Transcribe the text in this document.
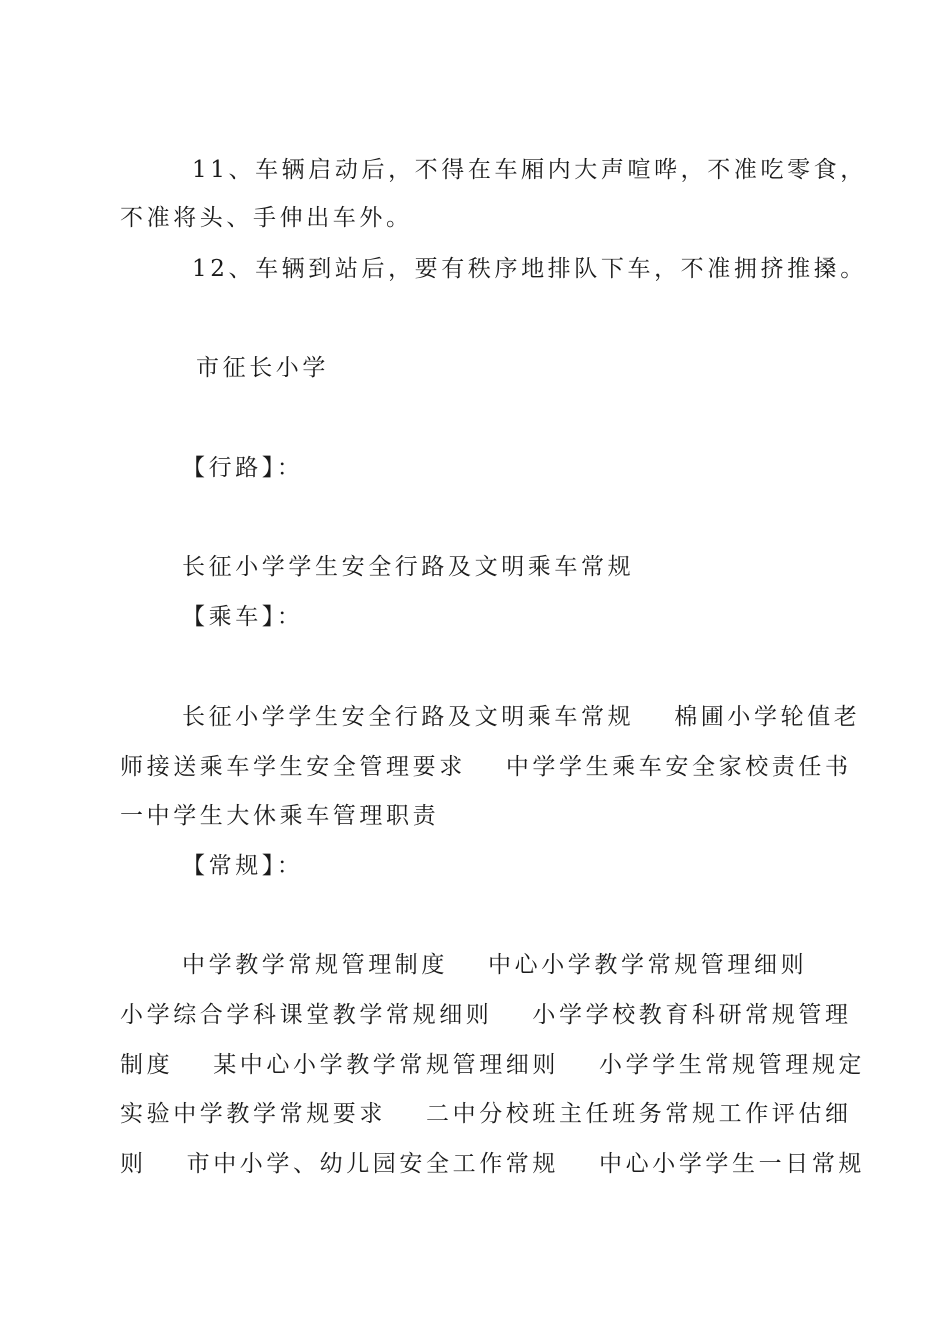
11、车辆启动后，不得在车厢内大声喧哗，不准吃零食，
不准将头、手伸出车外。
12、车辆到站后，要有秩序地排队下车，不准拥挤推搡。
市征长小学
【行路】：
长征小学学生安全行路及文明乘车常规
【乘车】：
长征小学学生安全行路及文明乘车常规 棉圃小学轮值老
师接送乘车学生安全管理要求 中学学生乘车安全家校责任书
一中学生大休乘车管理职责
【常规】：
中学教学常规管理制度 中心小学教学常规管理细则
小学综合学科课堂教学常规细则 小学学校教育科研常规管理
制度 某中心小学教学常规管理细则 小学学生常规管理规定
实验中学教学常规要求 二中分校班主任班务常规工作评估细
则 市中小学、幼儿园安全工作常规 中心小学学生一日常规
